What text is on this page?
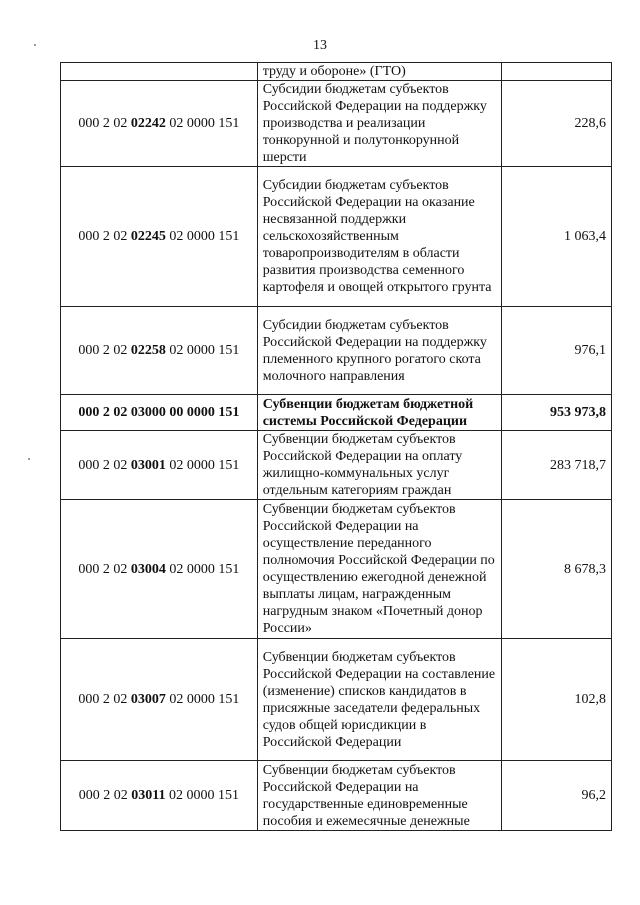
13
	труду и обороне» (ГТО)	
000 2 02 02242 02 0000 151	Субсидии бюджетам субъектов Российской Федерации на поддержку производства и реализации тонкорунной и полутонкорунной шерсти	228,6
000 2 02 02245 02 0000 151	Субсидии бюджетам субъектов Российской Федерации на оказание несвязанной поддержки сельскохозяйственным товаропроизводителям в области развития производства семенного картофеля и овощей открытого грунта	1 063,4
000 2 02 02258 02 0000 151	Субсидии бюджетам субъектов Российской Федерации на поддержку племенного крупного рогатого скота молочного направления	976,1
000 2 02 03000 00 0000 151	Субвенции бюджетам бюджетной системы Российской Федерации	953 973,8
000 2 02 03001 02 0000 151	Субвенции бюджетам субъектов Российской Федерации на оплату жилищно-коммунальных услуг отдельным категориям граждан	283 718,7
000 2 02 03004 02 0000 151	Субвенции бюджетам субъектов Российской Федерации на осуществление переданного полномочия Российской Федерации по осуществлению ежегодной денежной выплаты лицам, награжденным нагрудным знаком «Почетный донор России»	8 678,3
000 2 02 03007 02 0000 151	Субвенции бюджетам субъектов Российской Федерации на составление (изменение) списков кандидатов в присяжные заседатели федеральных судов общей юрисдикции в Российской Федерации	102,8
000 2 02 03011 02 0000 151	Субвенции бюджетам субъектов Российской Федерации на государственные единовременные пособия и ежемесячные денежные	96,2
